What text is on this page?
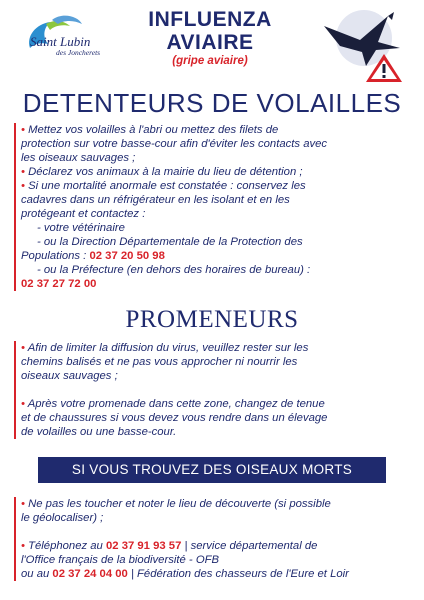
Saint Lubin
des Joncherets
INFLUENZA
AVIAIRE
(gripe aviaire)
DETENTEURS DE VOLAILLES

• Mettez vos volailles à l'abri ou mettez des filets de

protection sur votre basse-cour afin d'éviter les contacts avec

les oiseaux sauvages ;

• Déclarez vos animaux à la mairie du lieu de détention ;

• Si une mortalité anormale est constatée : conservez les

cadavres dans un réfrigérateur en les isolant et en les

protégeant et contactez :

- votre vétérinaire

- ou la Direction Départementale de la Protection des

Populations : 02 37 20 50 98

- ou la Préfecture (en dehors des horaires de bureau) :

02 37 27 72 00

PROMENEURS

• Afin de limiter la diffusion du virus, veuillez rester sur les

chemins balisés et ne pas vous approcher ni nourrir les

oiseaux sauvages ;

• Après votre promenade dans cette zone, changez de tenue

et de chaussures si vous devez vous rendre dans un élevage

de volailles ou une basse-cour.

SI VOUS TROUVEZ DES OISEAUX MORTS

• Ne pas les toucher et noter le lieu de découverte (si possible

le géolocaliser) ;

• Téléphonez au 02 37 91 93 57 | service départemental de

l'Office français de la biodiversité - OFB

ou au 02 37 24 04 00 | Fédération des chasseurs de l'Eure et Loir
